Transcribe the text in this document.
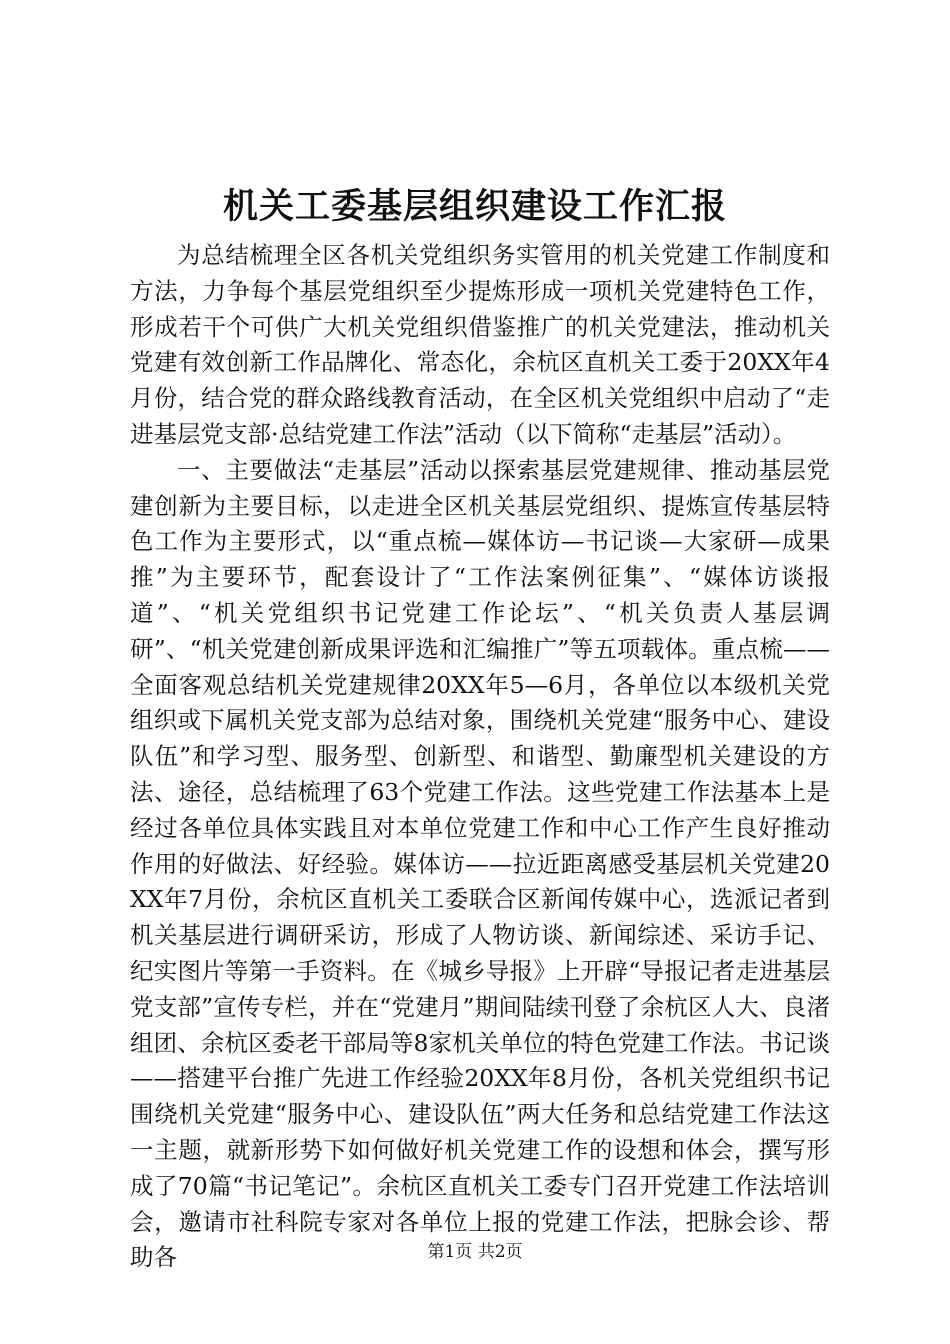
机关工委基层组织建设工作汇报

为总结梳理全区各机关党组织务实管用的机关党建工作制度和方法，力争每个基层党组织至少提炼形成一项机关党建特色工作，形成若干个可供广大机关党组织借鉴推广的机关党建法，推动机关党建有效创新工作品牌化、常态化，余杭区直机关工委于20XX年4月份，结合党的群众路线教育活动，在全区机关党组织中启动了“走进基层党支部·总结党建工作法”活动（以下简称“走基层”活动）。

一、主要做法“走基层”活动以探索基层党建规律、推动基层党建创新为主要目标，以走进全区机关基层党组织、提炼宣传基层特色工作为主要形式，以“重点梳—媒体访—书记谈—大家研—成果推”为主要环节，配套设计了“工作法案例征集”、“媒体访谈报道”、“机关党组织书记党建工作论坛”、“机关负责人基层调研”、“机关党建创新成果评选和汇编推广”等五项载体。重点梳——全面客观总结机关党建规律20XX年5—6月，各单位以本级机关党组织或下属机关党支部为总结对象，围绕机关党建“服务中心、建设队伍”和学习型、服务型、创新型、和谐型、勤廉型机关建设的方法、途径，总结梳理了63个党建工作法。这些党建工作法基本上是经过各单位具体实践且对本单位党建工作和中心工作产生良好推动作用的好做法、好经验。媒体访——拉近距离感受基层机关党建20XX年7月份，余杭区直机关工委联合区新闻传媒中心，选派记者到机关基层进行调研采访，形成了人物访谈、新闻综述、采访手记、纪实图片等第一手资料。在《城乡导报》上开辟“导报记者走进基层党支部”宣传专栏，并在“党建月”期间陆续刊登了余杭区人大、良渚组团、余杭区委老干部局等8家机关单位的特色党建工作法。书记谈——搭建平台推广先进工作经验20XX年8月份，各机关党组织书记围绕机关党建“服务中心、建设队伍”两大任务和总结党建工作法这一主题，就新形势下如何做好机关党建工作的设想和体会，撰写形成了70篇“书记笔记”。余杭区直机关工委专门召开党建工作法培训会，邀请市社科院专家对各单位上报的党建工作法，把脉会诊、帮助各	第1页 共2页
